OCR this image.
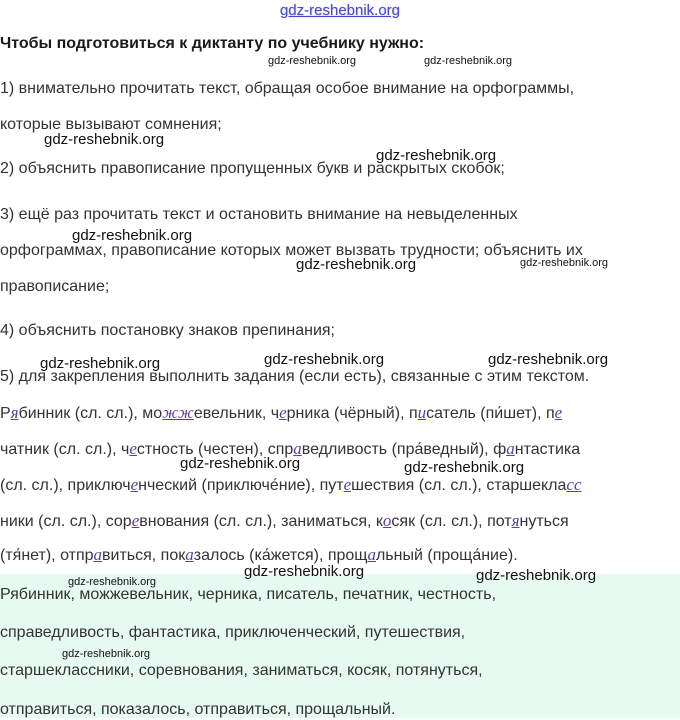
gdz-reshebnik.org
Чтобы подготовиться к диктанту по учебнику нужно:
1) внимательно прочитать текст, обращая особое внимание на орфограммы,
которые вызывают сомнения;
2) объяснить правописание пропущенных букв и раскрытых скобок;
3) ещё раз прочитать текст и остановить внимание на невыделенных
орфограммах, правописание которых может вызвать трудности; объяснить их
правописание;
4) объяснить постановку знаков препинания;
5) для закрепления выполнить задания (если есть), связанные с этим текстом.
Рябинник (сл. сл.), можжевельник, черника (чёрный), писатель (пи́шет), пе
чатник (сл. сл.), честность (честен), справедливость (пра́ведный), фантастика
(сл. сл.), приключенческий (приключе́ние), путешествия (сл. сл.), старшекласс
ники (сл. сл.), соревнования (сл. сл.), заниматься, косяк (сл. сл.), потянуться
(тя́нет), отправиться, показалось (ка́жется), прощальный (проща́ние).
Рябинник, можжевельник, черника, писатель, печатник, честность,
справедливость, фантастика, приключенческий, путешествия,
старшеклассники, соревнования, заниматься, косяк, потянуться,
отправиться, показалось, отправиться, прощальный.
gdz-reshebnik.org	gdz-reshebnik.org
gdz-reshebnik.org
gdz-reshebnik.org
gdz-reshebnik.org
gdz-reshebnik.org	gdz-reshebnik.org
gdz-reshebnik.org	gdz-reshebnik.org	gdz-reshebnik.org
gdz-reshebnik.org	gdz-reshebnik.org
gdz-reshebnik.org
gdz-reshebnik.org	gdz-reshebnik.org
gdz-reshebnik.org
